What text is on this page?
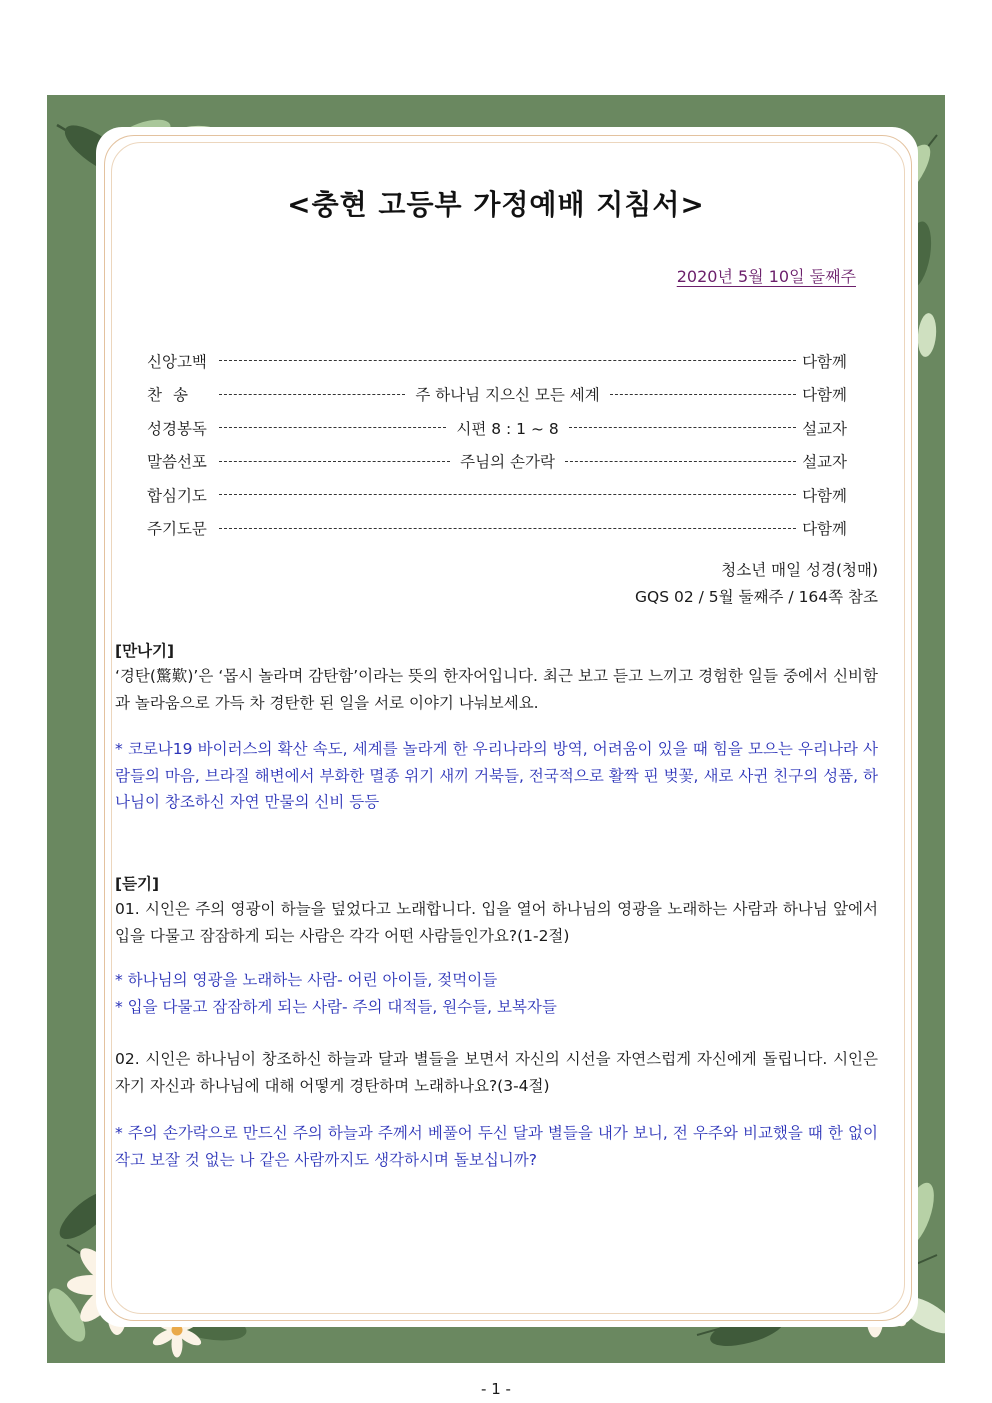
<충현 고등부 가정예배 지침서>
2020년 5월 10일 둘째주
신앙고백	다함께
찬송	주 하나님 지으신 모든 세계	다함께
성경봉독	시편 8 : 1 ~ 8	설교자
말씀선포	주님의 손가락	설교자
합심기도	다함께
주기도문	다함께
청소년 매일 성경(청매)
GQS 02 / 5월 둘째주 / 164쪽 참조
[만나기]
‘경탄(驚歎)’은 ‘몹시 놀라며 감탄함’이라는 뜻의 한자어입니다. 최근 보고 듣고 느끼고 경험한 일들 중에서 신비함과 놀라움으로 가득 차 경탄한 된 일을 서로 이야기 나눠보세요.
* 코로나19 바이러스의 확산 속도, 세계를 놀라게 한 우리나라의 방역, 어려움이 있을 때 힘을 모으는 우리나라 사람들의 마음, 브라질 해변에서 부화한 멸종 위기 새끼 거북들, 전국적으로 활짝 핀 벚꽃, 새로 사귄 친구의 성품, 하나님이 창조하신 자연 만물의 신비 등등
[듣기]
01. 시인은 주의 영광이 하늘을 덮었다고 노래합니다. 입을 열어 하나님의 영광을 노래하는 사람과 하나님 앞에서 입을 다물고 잠잠하게 되는 사람은 각각 어떤 사람들인가요?(1-2절)
* 하나님의 영광을 노래하는 사람- 어린 아이들, 젖먹이들
* 입을 다물고 잠잠하게 되는 사람- 주의 대적들, 원수들, 보복자들
02. 시인은 하나님이 창조하신 하늘과 달과 별들을 보면서 자신의 시선을 자연스럽게 자신에게 돌립니다. 시인은 자기 자신과 하나님에 대해 어떻게 경탄하며 노래하나요?(3-4절)
* 주의 손가락으로 만드신 주의 하늘과 주께서 베풀어 두신 달과 별들을 내가 보니, 전 우주와 비교했을 때 한 없이 작고 보잘 것 없는 나 같은 사람까지도 생각하시며 돌보십니까?
- 1 -
